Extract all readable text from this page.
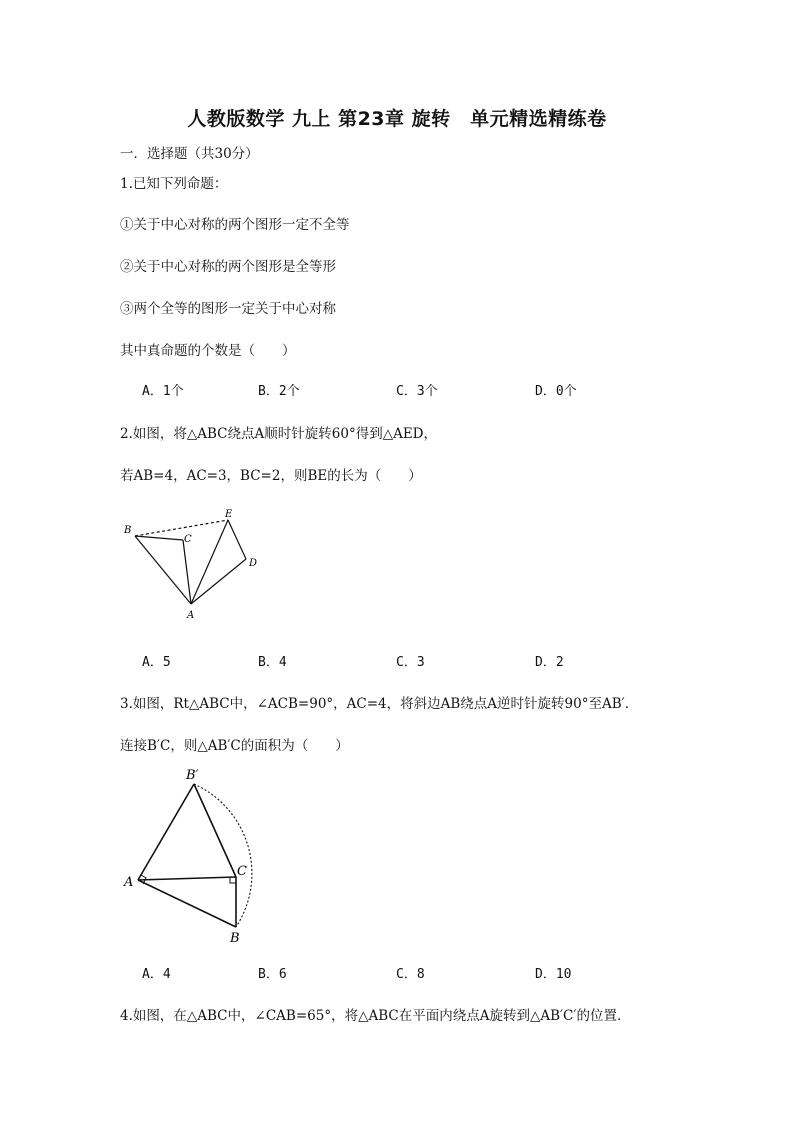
人教版数学 九上 第23章 旋转　单元精选精练卷
一．选择题（共30分）
1.已知下列命题：
①关于中心对称的两个图形一定不全等
②关于中心对称的两个图形是全等形
③两个全等的图形一定关于中心对称
其中真命题的个数是（　　）
A．1个	B．2个	C．3个	D．0个
2.如图，将△ABC绕点A顺时针旋转60°得到△AED，
若AB=4，AC=3，BC=2，则BE的长为（　　）
B
C
E
D
A
A．5	B．4	C．3	D．2
3.如图，Rt△ABC中，∠ACB=90°，AC=4，将斜边AB绕点A逆时针旋转90°至AB′．
连接B′C，则△AB′C的面积为（　　）
B′
C
A
B
A．4	B．6	C．8	D．10
4.如图，在△ABC中，∠CAB=65°，将△ABC在平面内绕点A旋转到△AB′C′的位置．
